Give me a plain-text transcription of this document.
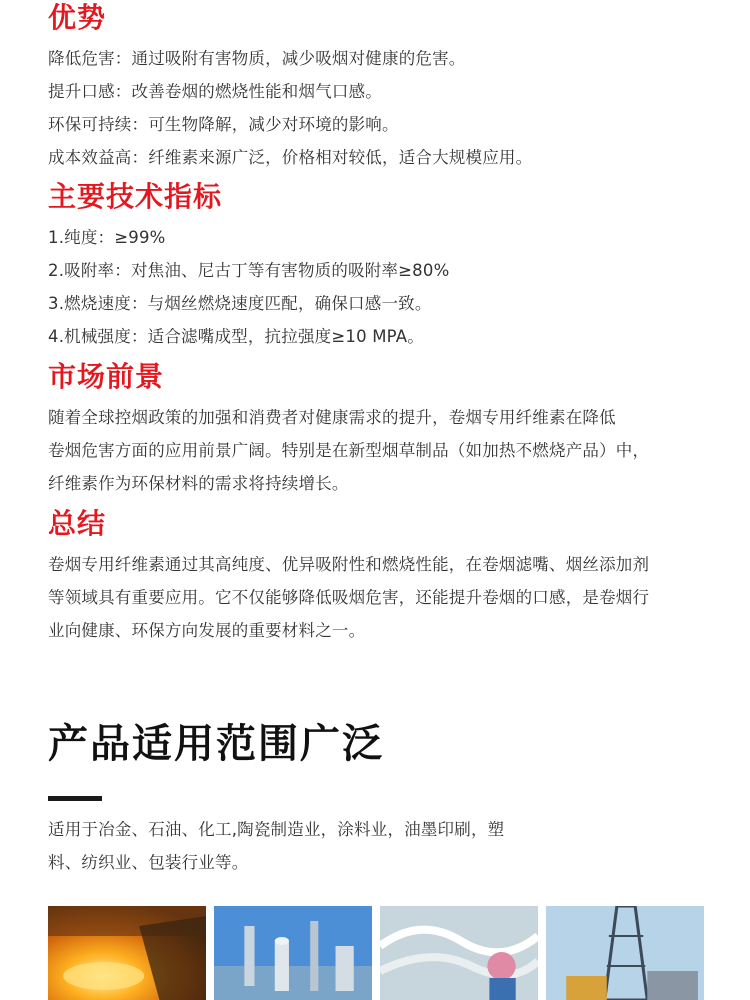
优势

降低危害：通过吸附有害物质，减少吸烟对健康的危害。

提升口感：改善卷烟的燃烧性能和烟气口感。

环保可持续：可生物降解，减少对环境的影响。

成本效益高：纤维素来源广泛，价格相对较低，适合大规模应用。

主要技术指标

1.纯度：≥99%

2.吸附率：对焦油、尼古丁等有害物质的吸附率≥80%

3.燃烧速度：与烟丝燃烧速度匹配，确保口感一致。

4.机械强度：适合滤嘴成型，抗拉强度≥10 MPA。

市场前景

随着全球控烟政策的加强和消费者对健康需求的提升，卷烟专用纤维素在降低

卷烟危害方面的应用前景广阔。特别是在新型烟草制品（如加热不燃烧产品）中，

纤维素作为环保材料的需求将持续增长。

总结

卷烟专用纤维素通过其高纯度、优异吸附性和燃烧性能，在卷烟滤嘴、烟丝添加剂

等领域具有重要应用。它不仅能够降低吸烟危害，还能提升卷烟的口感，是卷烟行

业向健康、环保方向发展的重要材料之一。

产品适用范围广泛

适用于冶金、石油、化工,陶瓷制造业，涂料业，油墨印刷，塑

料、纺织业、包装行业等。
